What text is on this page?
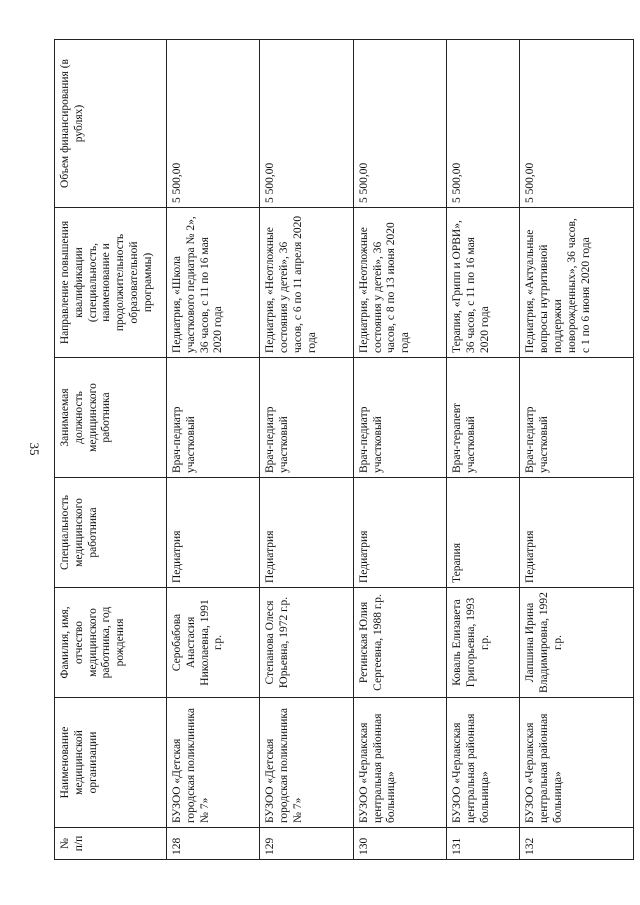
35
№ п/п	Наименование медицинской организации	Фамилия, имя, отчество медицинского работника, год рождения	Специальность медицинского работника	Занимаемая должность медицинского работника	Направление повышения квалификации (специальность, наименование и продолжительность образовательной программы)	Объем финансирования (в рублях)
128	БУЗОО «Детская городская поликлиника № 7»	Серобабова Анастасия Николаевна, 1991 г.р.	Педиатрия	Врач-педиатр участковый	Педиатрия, «Школа участкового педиатра № 2», 36 часов, с 11 по 16 мая 2020 года	5 500,00
129	БУЗОО «Детская городская поликлиника № 7»	Степанова Олеся Юрьевна, 1972 г.р.	Педиатрия	Врач-педиатр участковый	Педиатрия, «Неотложные состояния у детей», 36 часов, с 6 по 11 апреля 2020 года	5 500,00
130	БУЗОО «Черлакская центральная районная больница»	Ретинская Юлия Сергеевна, 1988 г.р.	Педиатрия	Врач-педиатр участковый	Педиатрия, «Неотложные состояния у детей», 36 часов, с 8 по 13 июня 2020 года	5 500,00
131	БУЗОО «Черлакская центральная районная больница»	Коваль Елизавета Григорьевна, 1993 г.р.	Терапия	Врач-терапевт участковый	Терапия, «Грипп и ОРВИ», 36 часов, с 11 по 16 мая 2020 года	5 500,00
132	БУЗОО «Черлакская центральная районная больница»	Лапшина Ирина Владимировна, 1992 г.р.	Педиатрия	Врач-педиатр участковый	Педиатрия, «Актуальные вопросы нутритивной поддержки новорожденных», 36 часов, с 1 по 6 июня 2020 года	5 500,00
